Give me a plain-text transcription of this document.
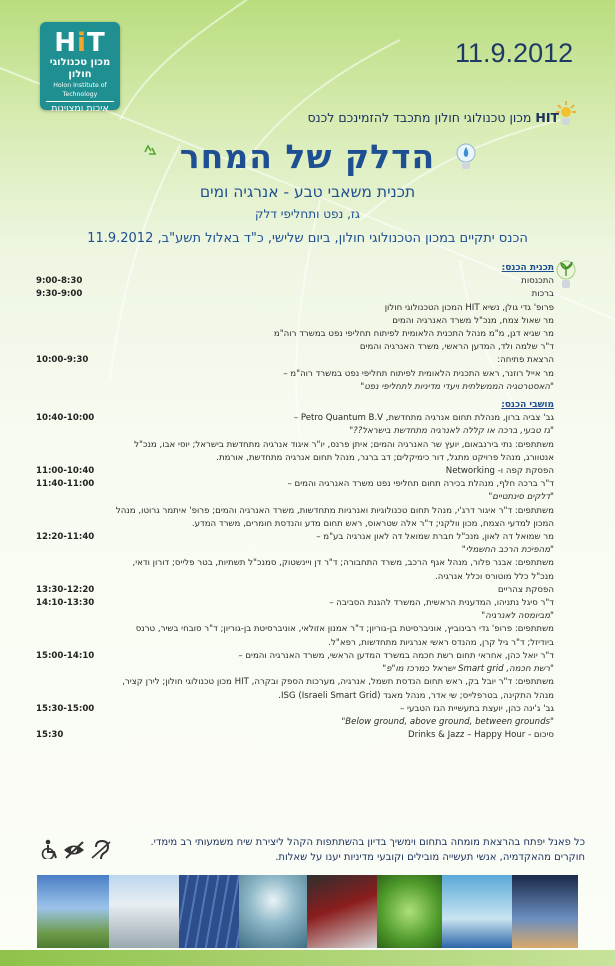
HiT
מכון טכנולוגי חולון
Holon Institute of Technology
איכות ומצוינות
11.9.2012
HIT מכון טכנולוגי חולון מתכבד להזמינכם לכנס
הדלק של המחר
תכנית משאבי טבע - אנרגיה ומים
גז, נפט ותחליפי דלק
הכנס יתקיים במכון הטכנולוגי חולון, ביום שלישי, כ"ד באלול תשע"ב, 11.9.2012
תכנית הכנס:
התכנסות
9:00-8:30
ברכות
9:30-9:00
פרופ' גדי גולן, נשיא HIT המכון הטכנולוגי חולון
מר שאול צמח, מנכ"ל משרד האנרגיה והמים
מר שגיא דגן, מ"מ מנהל התכנית הלאומית לפיתוח תחליפי נפט במשרד רוה"מ
ד"ר שלמה ולד, המדען הראשי, משרד האנרגיה והמים
הרצאת פתיחה:
מר אייל רוזנר, ראש התכנית הלאומית לפיתוח תחליפי נפט במשרד רוה"מ –
"האסטרטגיה הממשלתית ויעדי מדיניות לתחליפי נפט"
10:00-9:30
מושבי הכנס:
גב' צביה ברון, מנהלת תחום אנרגיה מתחדשת, Petro Quantum B.V –
"גז טבעי, ברכה או קללה לאנרגיה מתחדשת בישראל??"
משתתפים: נתי בירנבאום, יועץ שר האנרגיה והמים; איתן פרנס, יו"ר איגוד אנרגיה מתחדשת בישראל; יוסי אבו, מנכ"ל אנטוורג, מנהל פרויקט מתגל, דור כימיקלים; דב ברגר, מנהל תחום אנרגיה מתחדשת, אורמת.
10:40-10:00
הפסקת קפה ו- Networking
11:00-10:40
ד"ר ברכה חלף, מנהלת בכירה תחום תחליפי נפט משרד האנרגיה והמים –
"דלקים סינתטיים"
משתתפים: ד"ר איגור דרג'י, מנהל תחום טכנולוגיות ואנרגיות מתחדשות, משרד האנרגיה והמים; פרופ' איתמר גרוטו, מנהל המכון למדעי הצמח, מכון וולקני; ד"ר אלה שטראוס, ראש תחום מדע והנדסת חומרים, משרד המדע.
11:40-11:00
מר שמואל דה לאון, מנכ"ל חברת שמואל דה לאון אנרגיה בע"מ –
"מהפיכת הרכב החשמלי"
משתתפים: אבנר פלור, מנהל אגף הרכב, משרד התחבורה; ד"ר דן ויינשטוק, סמנכ"ל תשתיות, בטר פלייס; דורון ודאי, מנכ"ל כלל מוטורס וכלל אנרגיה.
12:20-11:40
הפסקת צהריים
13:30-12:20
ד"ר סיגל נתניהו, המדענית הראשית, המשרד להגנת הסביבה –
"מביומסה לאנרגיה"
משתתפים: פרופ' גדי רבינוביץ, אוניברסיטת בן-גוריון; ד"ר אמנון אזולאי, אוניברסיטת בן-גוריון; ד"ר סובחי בשיר, טרנס ביודיזל; ד"ר גיל קרן, מהנדס ראשי אנרגיות מתחדשות, רפא"ל.
14:10-13:30
ד"ר יואל כהן, אחראי תחום רשת חכמה במשרד המדען הראשי, משרד האנרגיה והמים –
"רשת חכמה, Smart grid ישראל כמרכז מו"פ"
משתתפים: ד"ר יובל בק, ראש תחום הנדסת חשמל, אנרגיה, מערכות הספק ובקרה, HIT מכון טכנולוגי חולון; לירן קציר, מנהל התקינה, בטרפלייס; שי אדר, מנהל מאגד ISG (Israeli Smart Grid).
15:00-14:10
גב' ג'ינה כהן, יועצת בתעשיית הגז הטבעי –
"Below ground, above ground, between grounds"
15:30-15:00
סיכום - Drinks & Jazz – Happy Hour
15:30
כל פאנל יפתח בהרצאת מומחה בתחום וימשיך בדיון בהשתתפות הקהל ליצירת שיח משמעותי רב מימדי.
חוקרים מהאקדמיה, אנשי תעשייה מובילים וקובעי מדיניות יענו על שאלות.
